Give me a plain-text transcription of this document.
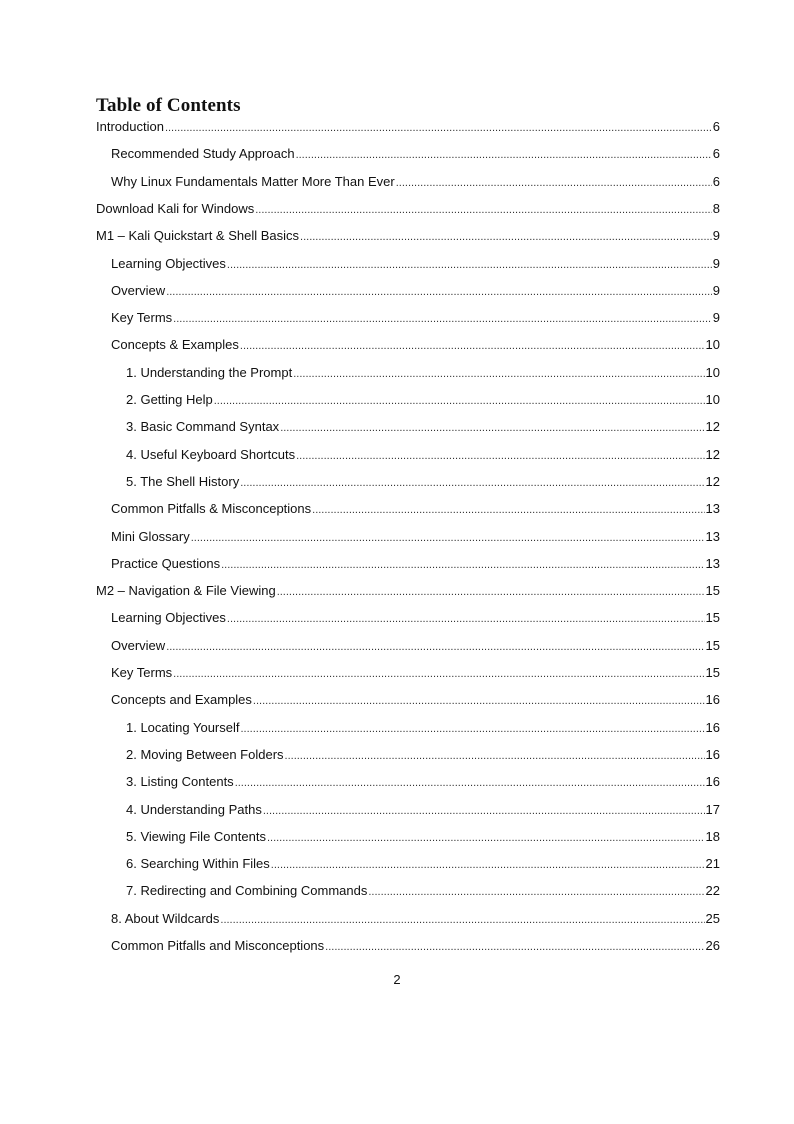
Table of Contents
Introduction .....	6
Recommended Study Approach .....	6
Why Linux Fundamentals Matter More Than Ever .....	6
Download Kali for Windows .....	8
M1 – Kali Quickstart & Shell Basics .....	9
Learning Objectives .....	9
Overview .....	9
Key Terms .....	9
Concepts & Examples .....	10
1. Understanding the Prompt .....	10
2. Getting Help .....	10
3. Basic Command Syntax .....	12
4. Useful Keyboard Shortcuts .....	12
5. The Shell History .....	12
Common Pitfalls & Misconceptions .....	13
Mini Glossary .....	13
Practice Questions .....	13
M2 – Navigation & File Viewing .....	15
Learning Objectives .....	15
Overview .....	15
Key Terms .....	15
Concepts and Examples .....	16
1. Locating Yourself .....	16
2. Moving Between Folders .....	16
3. Listing Contents .....	16
4. Understanding Paths .....	17
5. Viewing File Contents .....	18
6. Searching Within Files .....	21
7. Redirecting and Combining Commands .....	22
8. About Wildcards .....	25
Common Pitfalls and Misconceptions .....	26
2
